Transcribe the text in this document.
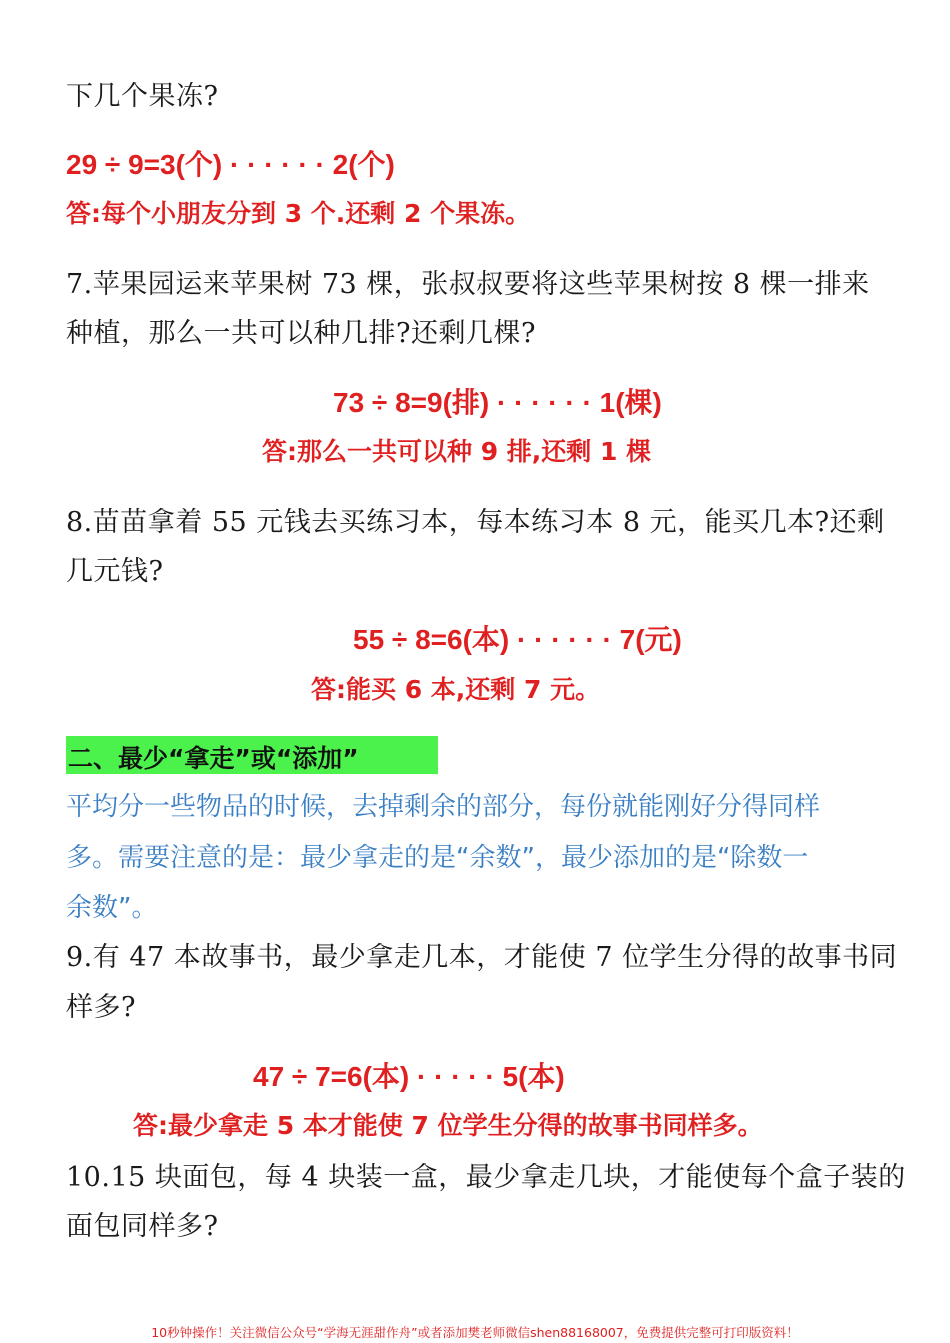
下几个果冻?
29 ÷ 9=3(个) · · · · · · 2(个)
答:每个小朋友分到 3 个.还剩 2 个果冻。
7.苹果园运来苹果树 73 棵，张叔叔要将这些苹果树按 8 棵一排来
种植，那么一共可以种几排?还剩几棵?
73 ÷ 8=9(排) · · · · · · 1(棵)
答:那么一共可以种 9 排,还剩 1 棵
8.苗苗拿着 55 元钱去买练习本，每本练习本 8 元，能买几本?还剩
几元钱?
55 ÷ 8=6(本) · · · · · · 7(元)
答:能买 6 本,还剩 7 元。
二、最少“拿走”或“添加”
平均分一些物品的时候，去掉剩余的部分，每份就能刚好分得同样
多。需要注意的是：最少拿走的是“余数”，最少添加的是“除数一
余数”。
9.有 47 本故事书，最少拿走几本，才能使 7 位学生分得的故事书同
样多?
47 ÷ 7=6(本) · · · · · 5(本)
答:最少拿走 5 本才能使 7 位学生分得的故事书同样多。
10.15 块面包，每 4 块装一盒，最少拿走几块，才能使每个盒子装的
面包同样多?
10秒钟操作！关注微信公众号“学海无涯甜作舟”或者添加樊老师微信shen88168007，免费提供完整可打印版资料！
